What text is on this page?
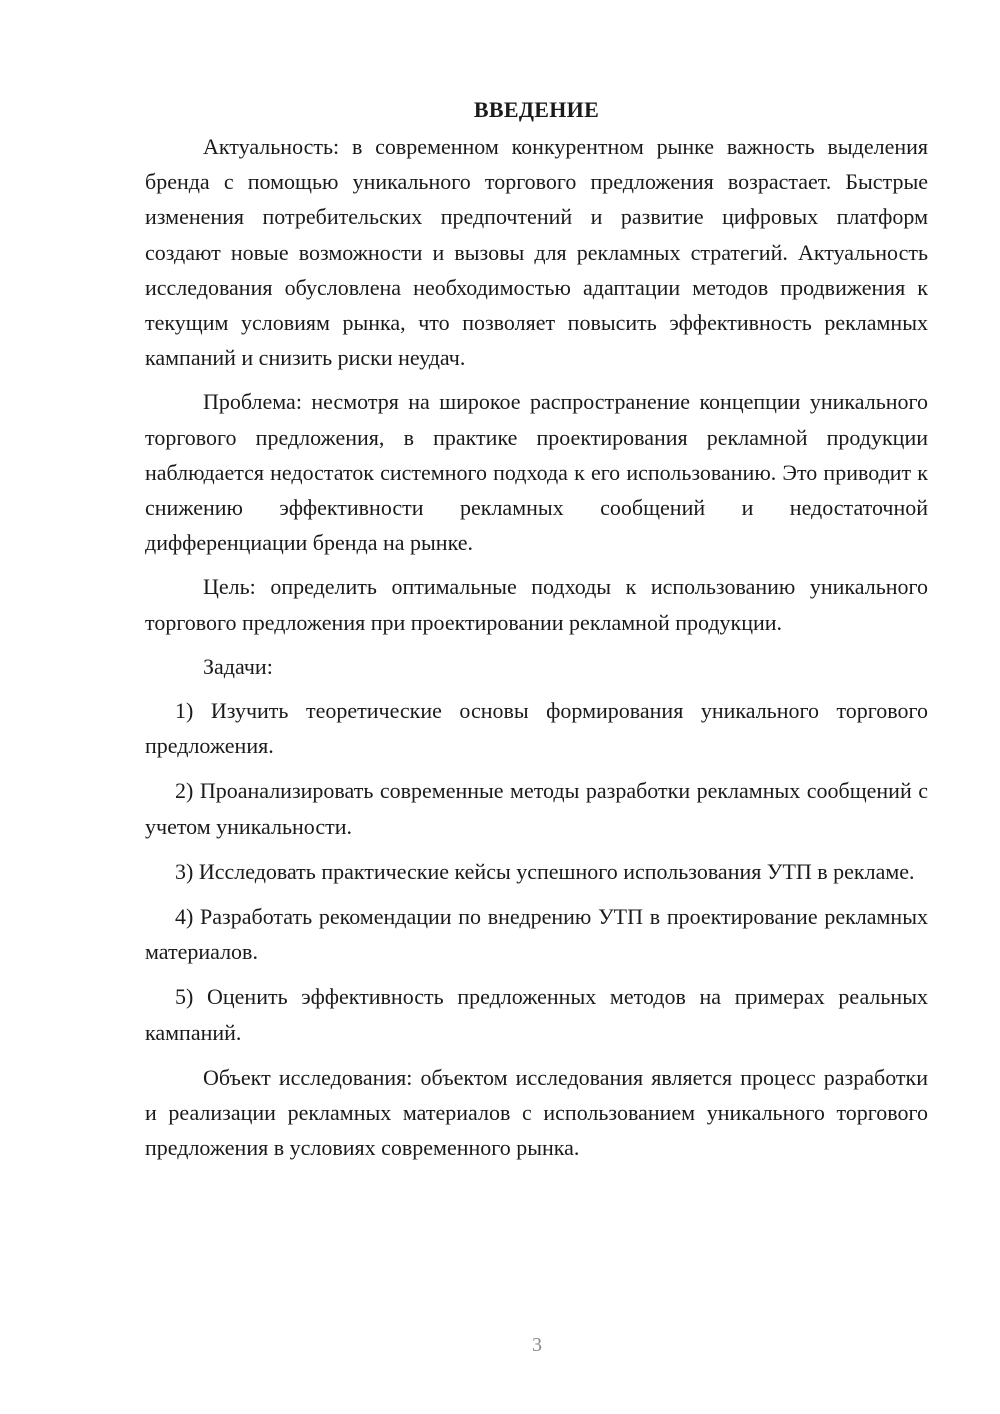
ВВЕДЕНИЕ

Актуальность: в современном конкурентном рынке важность выделения бренда с помощью уникального торгового предложения возрастает. Быстрые изменения потребительских предпочтений и развитие цифровых платформ создают новые возможности и вызовы для рекламных стратегий. Актуальность исследования обусловлена необходимостью адаптации методов продвижения к текущим условиям рынка, что позволяет повысить эффективность рекламных кампаний и снизить риски неудач.

Проблема: несмотря на широкое распространение концепции уникального торгового предложения, в практике проектирования рекламной продукции наблюдается недостаток системного подхода к его использованию. Это приводит к снижению эффективности рекламных сообщений и недостаточной дифференциации бренда на рынке.

Цель: определить оптимальные подходы к использованию уникального торгового предложения при проектировании рекламной продукции.

Задачи:

1) Изучить теоретические основы формирования уникального торгового предложения.

2) Проанализировать современные методы разработки рекламных сообщений с учетом уникальности.

3) Исследовать практические кейсы успешного использования УТП в рекламе.

4) Разработать рекомендации по внедрению УТП в проектирование рекламных материалов.

5) Оценить эффективность предложенных методов на примерах реальных кампаний.

Объект исследования: объектом исследования является процесс разработки и реализации рекламных материалов с использованием уникального торгового предложения в условиях современного рынка.

3
